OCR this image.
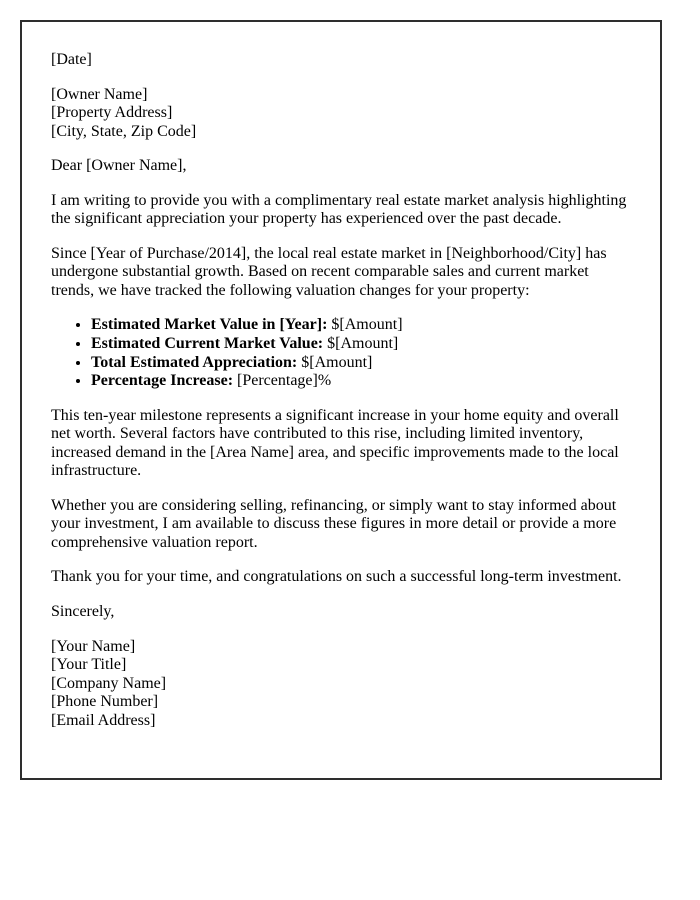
[Date]

[Owner Name]
[Property Address]
[City, State, Zip Code]

Dear [Owner Name],

I am writing to provide you with a complimentary real estate market analysis highlighting the significant appreciation your property has experienced over the past decade.

Since [Year of Purchase/2014], the local real estate market in [Neighborhood/City] has undergone substantial growth. Based on recent comparable sales and current market trends, we have tracked the following valuation changes for your property:

• Estimated Market Value in [Year]: $[Amount]
• Estimated Current Market Value: $[Amount]
• Total Estimated Appreciation: $[Amount]
• Percentage Increase: [Percentage]%

This ten-year milestone represents a significant increase in your home equity and overall net worth. Several factors have contributed to this rise, including limited inventory, increased demand in the [Area Name] area, and specific improvements made to the local infrastructure.

Whether you are considering selling, refinancing, or simply want to stay informed about your investment, I am available to discuss these figures in more detail or provide a more comprehensive valuation report.

Thank you for your time, and congratulations on such a successful long-term investment.

Sincerely,

[Your Name]
[Your Title]
[Company Name]
[Phone Number]
[Email Address]
